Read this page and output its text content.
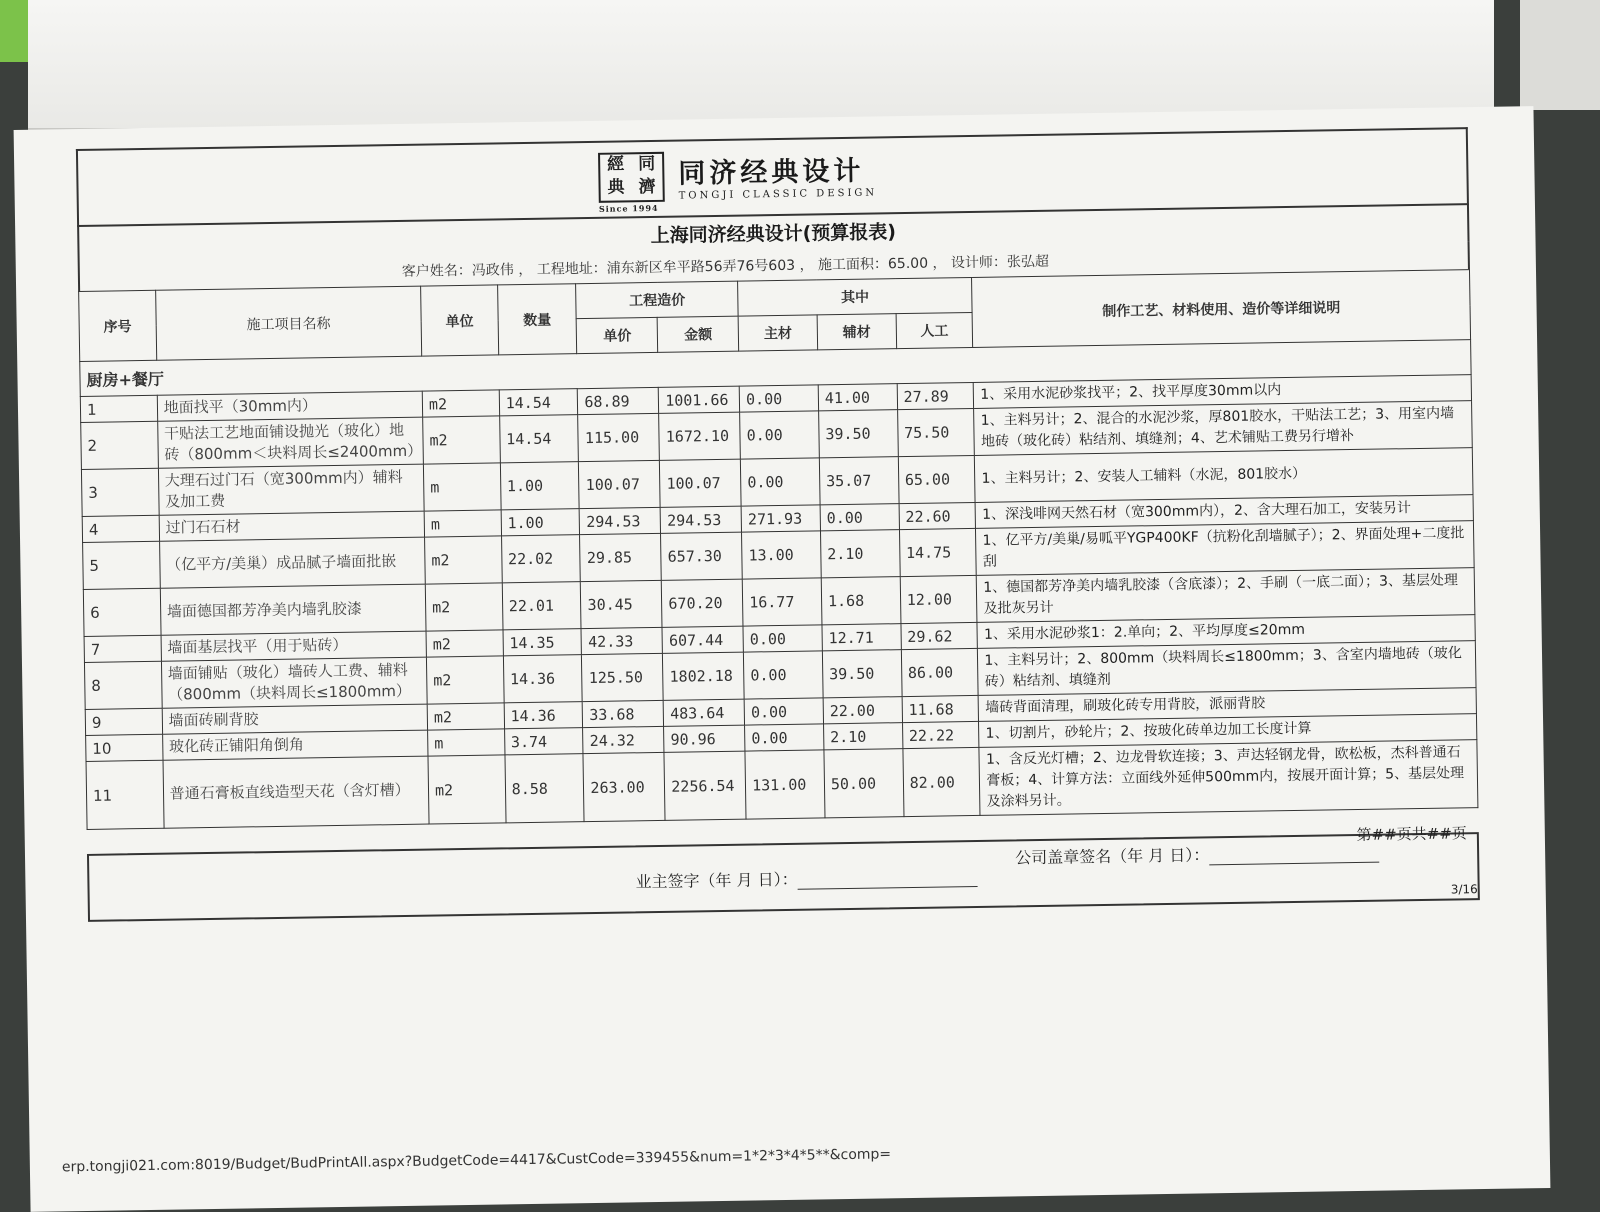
經 同
典 濟
Since 1994
同济经典设计
TONGJI CLASSIC DESIGN
上海同济经典设计(预算报表)
客户姓名：冯政伟 ， 工程地址：浦东新区牟平路56弄76号603 ， 施工面积：65.00 ， 设计师：张弘超
序号	施工项目名称	单位	数量	工程造价		其中			制作工艺、材料使用、造价等详细说明
				单价	金额	主材	辅材	人工	
厨房+餐厅									
1	地面找平（30mm内）	m2	14.54	68.89	1001.66	0.00	41.00	27.89	1、采用水泥砂浆找平；2、找平厚度30mm以内
2	干贴法工艺地面铺设抛光（玻化）地砖（800mm＜块料周长≤2400mm）	m2	14.54	115.00	1672.10	0.00	39.50	75.50	1、主料另计；2、混合的水泥沙浆，厚801胶水，干贴法工艺；3、用室内墙地砖（玻化砖）粘结剂、填缝剂；4、艺术铺贴工费另行增补
3	大理石过门石（宽300mm内）辅料及加工费	m	1.00	100.07	100.07	0.00	35.07	65.00	1、主料另计；2、安装人工辅料（水泥，801胶水）
4	过门石石材	m	1.00	294.53	294.53	271.93	0.00	22.60	1、深浅啡网天然石材（宽300mm内），2、含大理石加工，安装另计
5	（亿平方/美巢）成品腻子墙面批嵌	m2	22.02	29.85	657.30	13.00	2.10	14.75	1、亿平方/美巢/易呱平YGP400KF（抗粉化刮墙腻子）；2、界面处理+二度批刮
6	墙面德国都芳净美内墙乳胶漆	m2	22.01	30.45	670.20	16.77	1.68	12.00	1、德国都芳净美内墙乳胶漆（含底漆）；2、手刷（一底二面）；3、基层处理及批灰另计
7	墙面基层找平（用于贴砖）	m2	14.35	42.33	607.44	0.00	12.71	29.62	1、采用水泥砂浆1：2.单向；2、平均厚度≤20mm
8	墙面铺贴（玻化）墙砖人工费、辅料（800mm（块料周长≤1800mm）	m2	14.36	125.50	1802.18	0.00	39.50	86.00	1、主料另计；2、800mm（块料周长≤1800mm；3、含室内墙地砖（玻化砖）粘结剂、填缝剂
9	墙面砖刷背胶	m2	14.36	33.68	483.64	0.00	22.00	11.68	墙砖背面清理，刷玻化砖专用背胶，派丽背胶
10	玻化砖正铺阳角倒角	m	3.74	24.32	90.96	0.00	2.10	22.22	1、切割片，砂轮片；2、按玻化砖单边加工长度计算
11	普通石膏板直线造型天花（含灯槽）	m2	8.58	263.00	2256.54	131.00	50.00	82.00	1、含反光灯槽；2、边龙骨软连接；3、声达轻钢龙骨，欧松板，杰科普通石膏板；4、计算方法：立面线外延伸500mm内，按展开面计算；5、基层处理及涂料另计。
业主签字（年 月 日）：
公司盖章签名（年 月 日）：
第##页共##页
3/16
erp.tongji021.com:8019/Budget/BudPrintAll.aspx?BudgetCode=4417&CustCode=339455&num=1*2*3*4*5**&comp=
